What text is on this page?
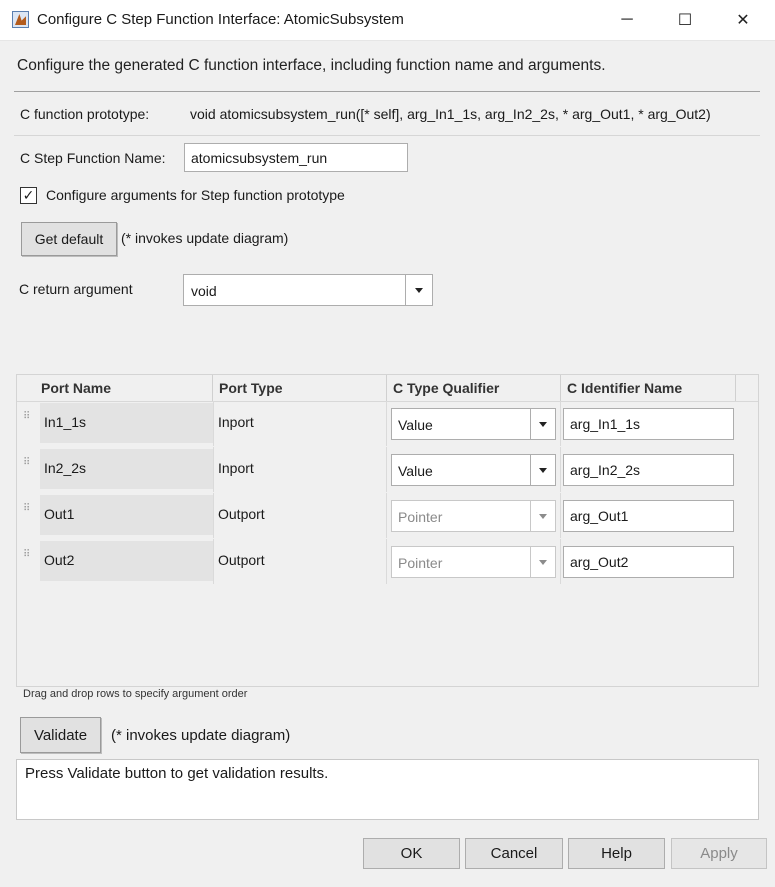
Configure C Step Function Interface: AtomicSubsystem	─	☐	✕
Configure the generated C function interface, including function name and arguments.
C function prototype:	void atomicsubsystem_run([* self], arg_In1_1s, arg_In2_2s, * arg_Out1, * arg_Out2)
C Step Function Name:
atomicsubsystem_run
✓ Configure arguments for Step function prototype
Get default	(* invokes update diagram)
C return argument	void
Port Name	Port Type	C Type Qualifier	C Identifier Name
⠿ In1_1s	Inport	Value	arg_In1_1s
⠿ In2_2s	Inport	Value	arg_In2_2s
⠿ Out1	Outport	Pointer	arg_Out1
⠿ Out2	Outport	Pointer	arg_Out2
Drag and drop rows to specify argument order
Validate	(* invokes update diagram)
Press Validate button to get validation results.
OK	Cancel	Help	Apply
